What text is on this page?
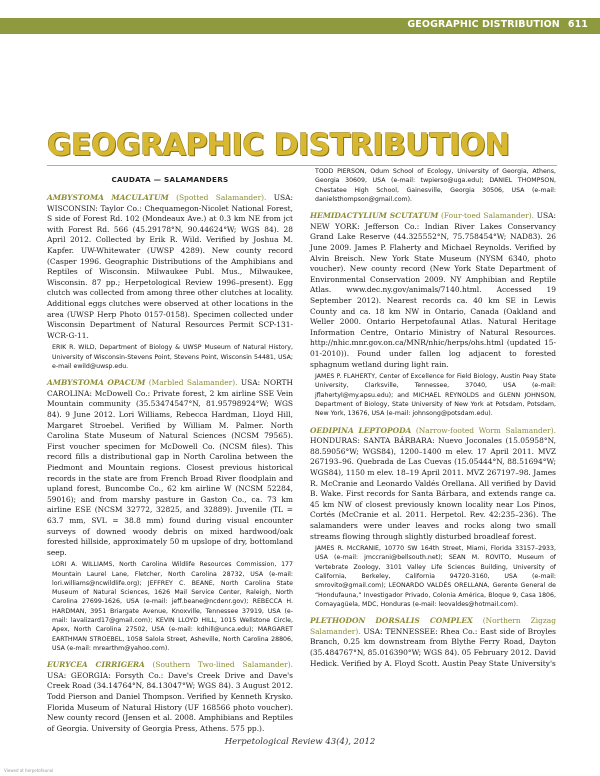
GEOGRAPHIC DISTRIBUTION 611
GEOGRAPHIC DISTRIBUTION
CAUDATA — SALAMANDERS
AMBYSTOMA MACULATUM (Spotted Salamander). USA: WISCONSIN: Taylor Co.: Chequamegon-Nicolet National Forest, S side of Forest Rd. 102 (Mondeaux Ave.) at 0.3 km NE from jct with Forest Rd. 566 (45.29178°N, 90.44624°W; WGS 84). 28 April 2012. Collected by Erik R. Wild. Verified by Joshua M. Kapfer. UW-Whitewater (UWSP 4289). New county record (Casper 1996. Geographic Distributions of the Amphibians and Reptiles of Wisconsin. Milwaukee Publ. Mus., Milwaukee, Wisconsin. 87 pp.; Herpetological Review 1996–present). Egg clutch was collected from among three other clutches at locality. Additional eggs clutches were observed at other locations in the area (UWSP Herp Photo 0157-0158). Specimen collected under Wisconsin Department of Natural Resources Permit SCP-131-WCR-G-11.
ERIK R. WILD, Department of Biology & UWSP Museum of Natural History, University of Wisconsin-Stevens Point, Stevens Point, Wisconsin 54481, USA; e-mail ewild@uwsp.edu.
AMBYSTOMA OPACUM (Marbled Salamander). USA: NORTH CAROLINA: McDowell Co.: Private forest, 2 km airline SSE Vein Mountain community (35.53474547°N, 81.95798924°W; WGS 84). 9 June 2012. Lori Williams, Rebecca Hardman, Lloyd Hill, Margaret Stroebel. Verified by William M. Palmer. North Carolina State Museum of Natural Sciences (NCSM 79565). First voucher specimen for McDowell Co. (NCSM files). This record fills a distributional gap in North Carolina between the Piedmont and Mountain regions. Closest previous historical records in the state are from French Broad River floodplain and upland forest, Buncombe Co., 62 km airline W (NCSM 52284, 59016); and from marshy pasture in Gaston Co., ca. 73 km airline ESE (NCSM 32772, 32825, and 32889). Juvenile (TL = 63.7 mm, SVL = 38.8 mm) found during visual encounter surveys of downed woody debris on mixed hardwood/oak forested hillside, approximately 50 m upslope of dry, bottomland seep.
LORI A. WILLIAMS, North Carolina Wildlife Resources Commission, 177 Mountain Laurel Lane, Fletcher, North Carolina 28732, USA (e-mail: lori.williams@ncwildlife.org); JEFFREY C. BEANE, North Carolina State Museum of Natural Sciences, 1626 Mail Service Center, Raleigh, North Carolina 27699-1626, USA (e-mail: jeff.beane@ncdenr.gov); REBECCA H. HARDMAN, 3951 Briargate Avenue, Knoxville, Tennessee 37919, USA (e-mail: lavalizard17@gmail.com); KEVIN LLOYD HILL, 1015 Wellstone Circle, Apex, North Carolina 27502, USA (e-mail: kdhill@unca.edu); MARGARET EARTHMAN STROEBEL, 1058 Salola Street, Asheville, North Carolina 28806, USA (e-mail: mrearthm@yahoo.com).
EURYCEA CIRRIGERA (Southern Two-lined Salamander). USA: GEORGIA: Forsyth Co.: Dave's Creek Drive and Dave's Creek Road (34.14764°N, 84.13047°W; WGS 84). 3 August 2012. Todd Pierson and Daniel Thompson. Verified by Kenneth Krysko. Florida Museum of Natural History (UF 168566 photo voucher). New county record (Jensen et al. 2008. Amphibians and Reptiles of Georgia. University of Georgia Press, Athens. 575 pp.).
TODD PIERSON, Odum School of Ecology, University of Georgia, Athens, Georgia 30609, USA (e-mail: twpierso@uga.edu); DANIEL THOMPSON, Chestatee High School, Gainesville, Georgia 30506, USA (e-mail: danielsthompson@gmail.com).
HEMIDACTYLIUM SCUTATUM (Four-toed Salamander). USA: NEW YORK: Jefferson Co.: Indian River Lakes Conservancy Grand Lake Reserve (44.325552°N, 75.758454°W; NAD83). 26 June 2009. James P. Flaherty and Michael Reynolds. Verified by Alvin Breisch. New York State Museum (NYSM 6340, photo voucher). New county record (New York State Department of Environmental Conservation 2009. NY Amphibian and Reptile Atlas. www.dec.ny.gov/animals/7140.html. Accessed 19 September 2012). Nearest records ca. 40 km SE in Lewis County and ca. 18 km NW in Ontario, Canada (Oakland and Weller 2000. Ontario Herpetofaunal Atlas. Natural Heritage Information Centre, Ontario Ministry of Natural Resources. http://nhic.mnr.gov.on.ca/MNR/nhic/herps/ohs.html (updated 15-01-2010)). Found under fallen log adjacent to forested sphagnum wetland during light rain.
JAMES P. FLAHERTY, Center of Excellence for Field Biology, Austin Peay State University, Clarksville, Tennessee, 37040, USA (e-mail: jflahertyl@my.apsu.edu); and MICHAEL REYNOLDS and GLENN JOHNSON, Department of Biology, State University of New York at Potsdam, Potsdam, New York, 13676, USA (e-mail: johnsong@potsdam.edu).
OEDIPINA LEPTOPODA (Narrow-footed Worm Salamander). HONDURAS: SANTA BÁRBARA: Nuevo Joconales (15.05958°N, 88.59056°W; WGS84), 1200–1400 m elev. 17 April 2011. MVZ 267193–96. Quebrada de Las Cuevas (15.05444°N, 88.51694°W; WGS84), 1150 m elev. 18–19 April 2011. MVZ 267197–98. James R. McCranie and Leonardo Valdés Orellana. All verified by David B. Wake. First records for Santa Bárbara, and extends range ca. 45 km NW of closest previously known locality near Los Pinos, Cortés (McCranie et al. 2011. Herpetol. Rev. 42:235–236). The salamanders were under leaves and rocks along two small streams flowing through slightly disturbed broadleaf forest.
JAMES R. McCRANIE, 10770 SW 164th Street, Miami, Florida 33157–2933, USA (e-mail: jmccrani@bellsouth.net); SEAN M. ROVITO, Museum of Vertebrate Zoology, 3101 Valley Life Sciences Building, University of California, Berkeley, California 94720-3160, USA (e-mail: smrovito@gmail.com); LEONARDO VALDÉS ORELLANA, Gerente General de “Hondufauna,” Investigador Privado, Colonia América, Bloque 9, Casa 1806, Comayagüela, MDC, Honduras (e-mail: leovaldes@hotmail.com).
PLETHODON DORSALIS COMPLEX (Northern Zigzag Salamander). USA: TENNESSEE: Rhea Co.: East side of Broyles Branch, 0.25 km downstream from Blythe Ferry Road, Dayton (35.484767°N, 85.016390°W; WGS 84). 05 February 2012. David Hedick. Verified by A. Floyd Scott. Austin Peay State University's
Herpetological Review 43(4), 2012
Viewed at herpetofaunal
